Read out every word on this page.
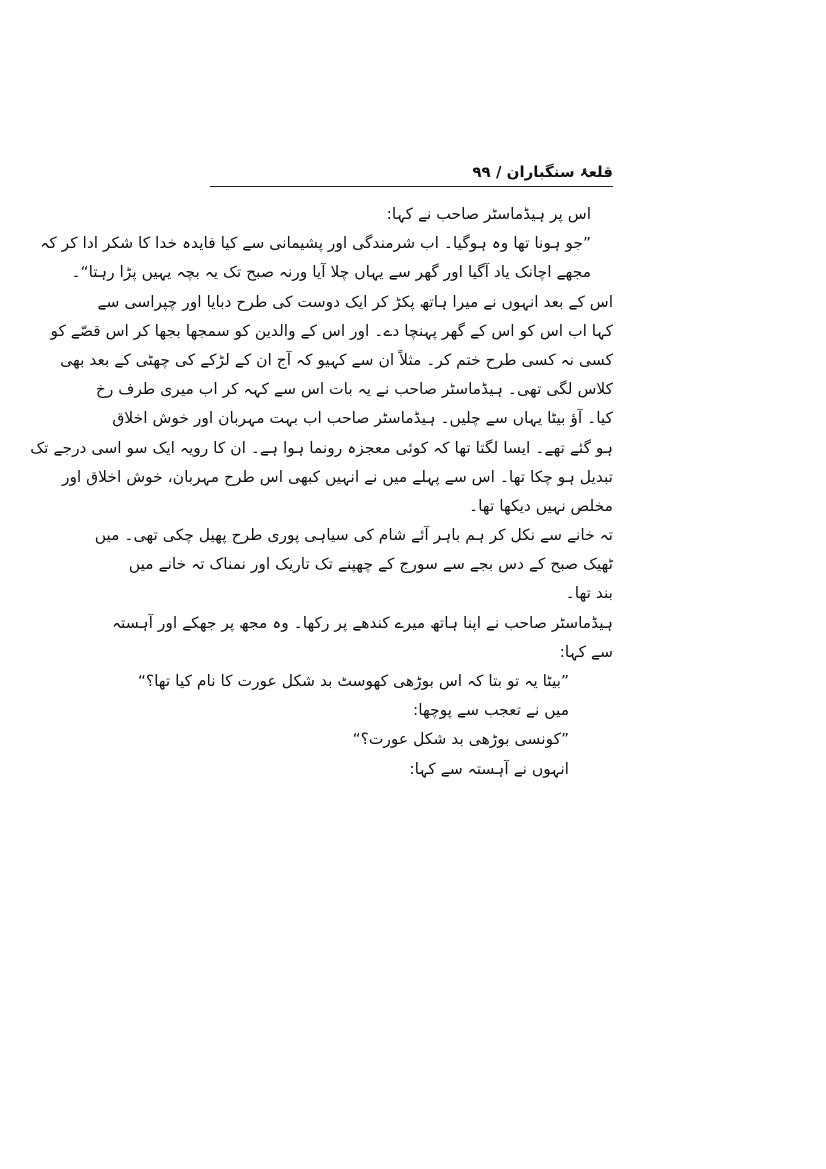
قلعۂ سنگباران / ۹۹
اس پر ہیڈماسٹر صاحب نے کہا:
”جو ہونا تھا وہ ہوگیا۔ اب شرمندگی اور پشیمانی سے کیا فایدہ خدا کا شکر ادا کر کہ
مجھے اچانک یاد آگیا اور گھر سے یہاں چلا آیا ورنہ صبح تک یہ بچہ یہیں پڑا رہتا“۔
اس کے بعد انہوں نے میرا ہاتھ پکڑ کر ایک دوست کی طرح دبایا اور چپراسی سے
کہا اب اس کو اس کے گھر پہنچا دے۔ اور اس کے والدین کو سمجھا بجھا کر اس قصّے کو
کسی نہ کسی طرح ختم کر۔ مثلاً ان سے کہیو کہ آج ان کے لڑکے کی چھٹی کے بعد بھی
کلاس لگی تھی۔ ہیڈماسٹر صاحب نے یہ بات اس سے کہہ کر اب میری طرف رخ
کیا۔ آؤ بیٹا یہاں سے چلیں۔ ہیڈماسٹر صاحب اب بہت مہربان اور خوش اخلاق
ہو گئے تھے۔ ایسا لگتا تھا کہ کوئی معجزہ رونما ہوا ہے۔ ان کا رویہ ایک سو اسی درجے تک
تبدیل ہو چکا تھا۔ اس سے پہلے میں نے انہیں کبھی اس طرح مہربان، خوش اخلاق اور
مخلص نہیں دیکھا تھا۔
تہ خانے سے نکل کر ہم باہر آئے شام کی سیاہی پوری طرح پھیل چکی تھی۔ میں
ٹھیک صبح کے دس بجے سے سورج کے چھپنے تک تاریک اور نمناک تہ خانے میں
بند تھا۔
ہیڈماسٹر صاحب نے اپنا ہاتھ میرے کندھے پر رکھا۔ وہ مجھ پر جھکے اور آہستہ
سے کہا:
”بیٹا یہ تو بتا کہ اس بوڑھی کھوسٹ بد شکل عورت کا نام کیا تھا؟“
میں نے تعجب سے پوچھا:
”کونسی بوڑھی بد شکل عورت؟“
انہوں نے آہستہ سے کہا:
